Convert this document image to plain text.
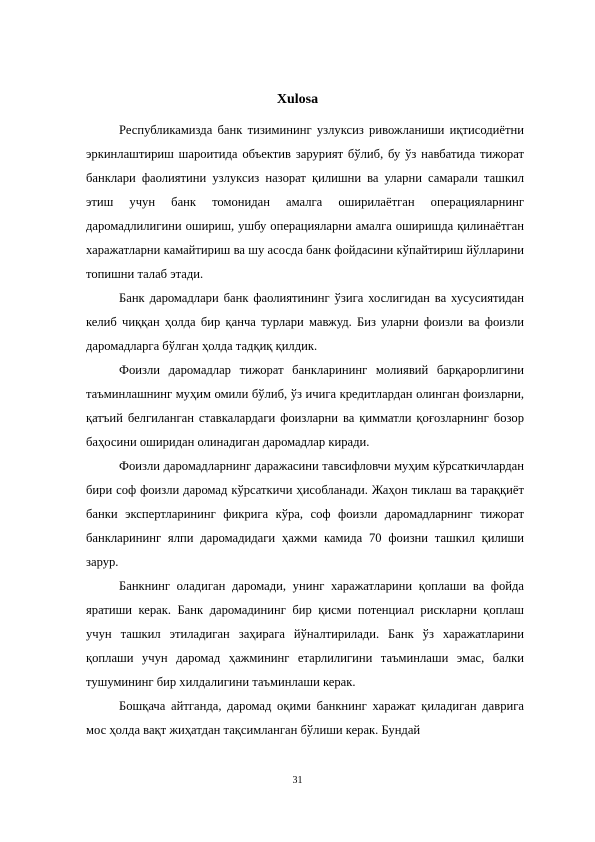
Xulosa

Республикамизда банк тизимининг узлуксиз ривожланиши иқтисодиётни эркинлаштириш шароитида объектив зарурият бўлиб, бу ўз навбатида тижорат банклари фаолиятини узлуксиз назорат қилишни ва уларни самарали ташкил этиш учун банк томонидан амалга оширилаётган операцияларнинг даромадлилигини ошириш, ушбу операцияларни амалга оширишда қилинаётган харажатларни камайтириш ва шу асосда банк фойдасини кўпайтириш йўлларини топишни талаб этади.

Банк даромадлари банк фаолиятининг ўзига хослигидан ва хусусиятидан келиб чиққан ҳолда бир қанча турлари мавжуд. Биз уларни фоизли ва фоизли даромадларга бўлган ҳолда тадқиқ қилдик.

Фоизли даромадлар тижорат банкларининг молиявий барқарорлигини таъминлашнинг муҳим омили бўлиб, ўз ичига кредитлардан олинган фоизларни, қатъий белгиланган ставкалардаги фоизларни ва қимматли қоғозларнинг бозор баҳосини оширидан олинадиган даромадлар киради.

Фоизли даромадларнинг даражасини тавсифловчи муҳим кўрсаткичлардан бири соф фоизли даромад кўрсаткичи ҳисобланади. Жаҳон тиклаш ва тараққиёт банки экспертларининг фикрига кўра, соф фоизли даромадларнинг тижорат банкларининг ялпи даромадидаги ҳажми камида 70 фоизни ташкил қилиши зарур.

Банкнинг оладиган даромади, унинг харажатларини қоплаши ва фойда яратиши керак. Банк даромадининг бир қисми потенциал рискларни қоплаш учун ташкил этиладиган заҳирага йўналтирилади. Банк ўз харажатларини қоплаши учун даромад ҳажмининг етарлилигини таъминлаши эмас, балки тушумининг бир хилдалигини таъминлаши керак.

Бошқача айтганда, даромад оқими банкнинг харажат қиладиган даврига мос ҳолда вақт жиҳатдан тақсимланган бўлиши керак. Бундай

31
